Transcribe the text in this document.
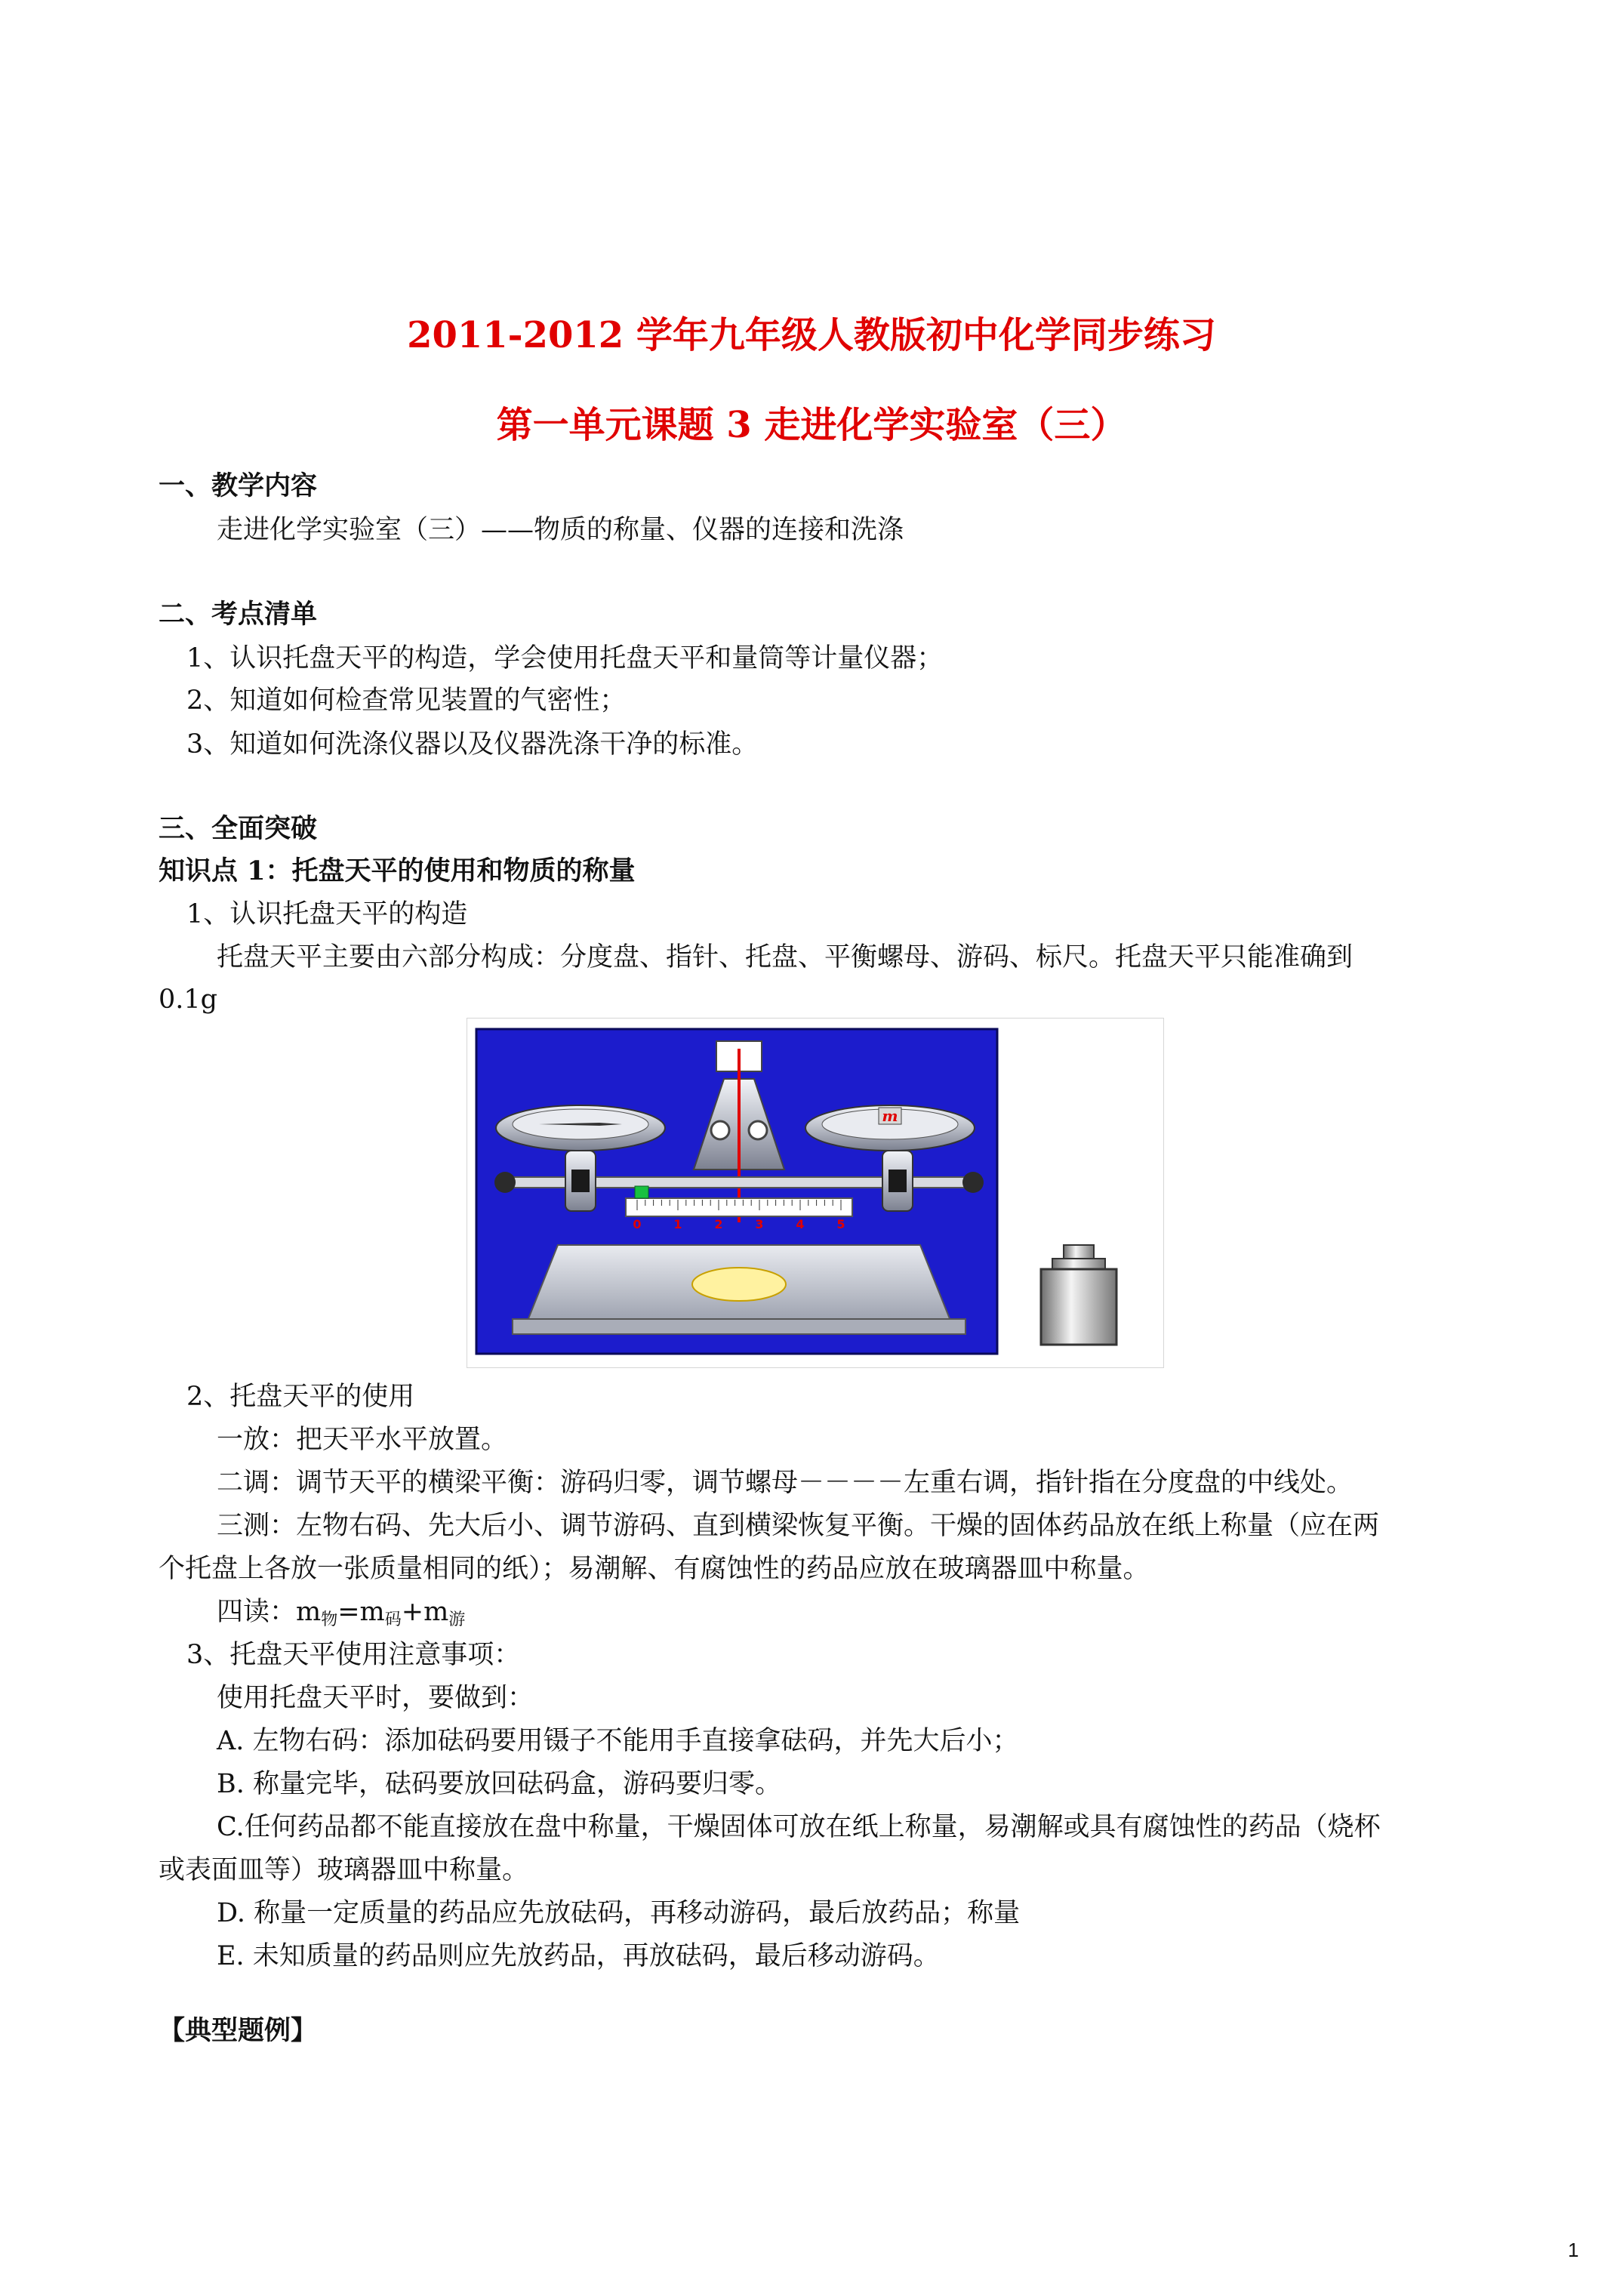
2011-2012 学年九年级人教版初中化学同步练习
第一单元课题 3 走进化学实验室（三）
一、教学内容
走进化学实验室（三）——物质的称量、仪器的连接和洗涤
二、考点清单
1、认识托盘天平的构造，学会使用托盘天平和量筒等计量仪器；
2、知道如何检查常见装置的气密性；
3、知道如何洗涤仪器以及仪器洗涤干净的标准。
三、全面突破
知识点 1：托盘天平的使用和物质的称量
1、认识托盘天平的构造
托盘天平主要由六部分构成：分度盘、指针、托盘、平衡螺母、游码、标尺。托盘天平只能准确到
0.1g
0	1	2	3	4	5
m
2、托盘天平的使用
一放：把天平水平放置。
二调：调节天平的横梁平衡：游码归零，调节螺母－－－－左重右调，指针指在分度盘的中线处。
三测：左物右码、先大后小、调节游码、直到横梁恢复平衡。干燥的固体药品放在纸上称量（应在两
个托盘上各放一张质量相同的纸）；易潮解、有腐蚀性的药品应放在玻璃器皿中称量。
四读：$m_物=m_码+m_游$
3、托盘天平使用注意事项：
使用托盘天平时，要做到：
A. 左物右码：添加砝码要用镊子不能用手直接拿砝码，并先大后小；
B. 称量完毕，砝码要放回砝码盒，游码要归零。
C.任何药品都不能直接放在盘中称量，干燥固体可放在纸上称量，易潮解或具有腐蚀性的药品（烧杯
或表面皿等）玻璃器皿中称量。
D. 称量一定质量的药品应先放砝码，再移动游码，最后放药品；称量
E. 未知质量的药品则应先放药品，再放砝码，最后移动游码。
【典型题例】
1
